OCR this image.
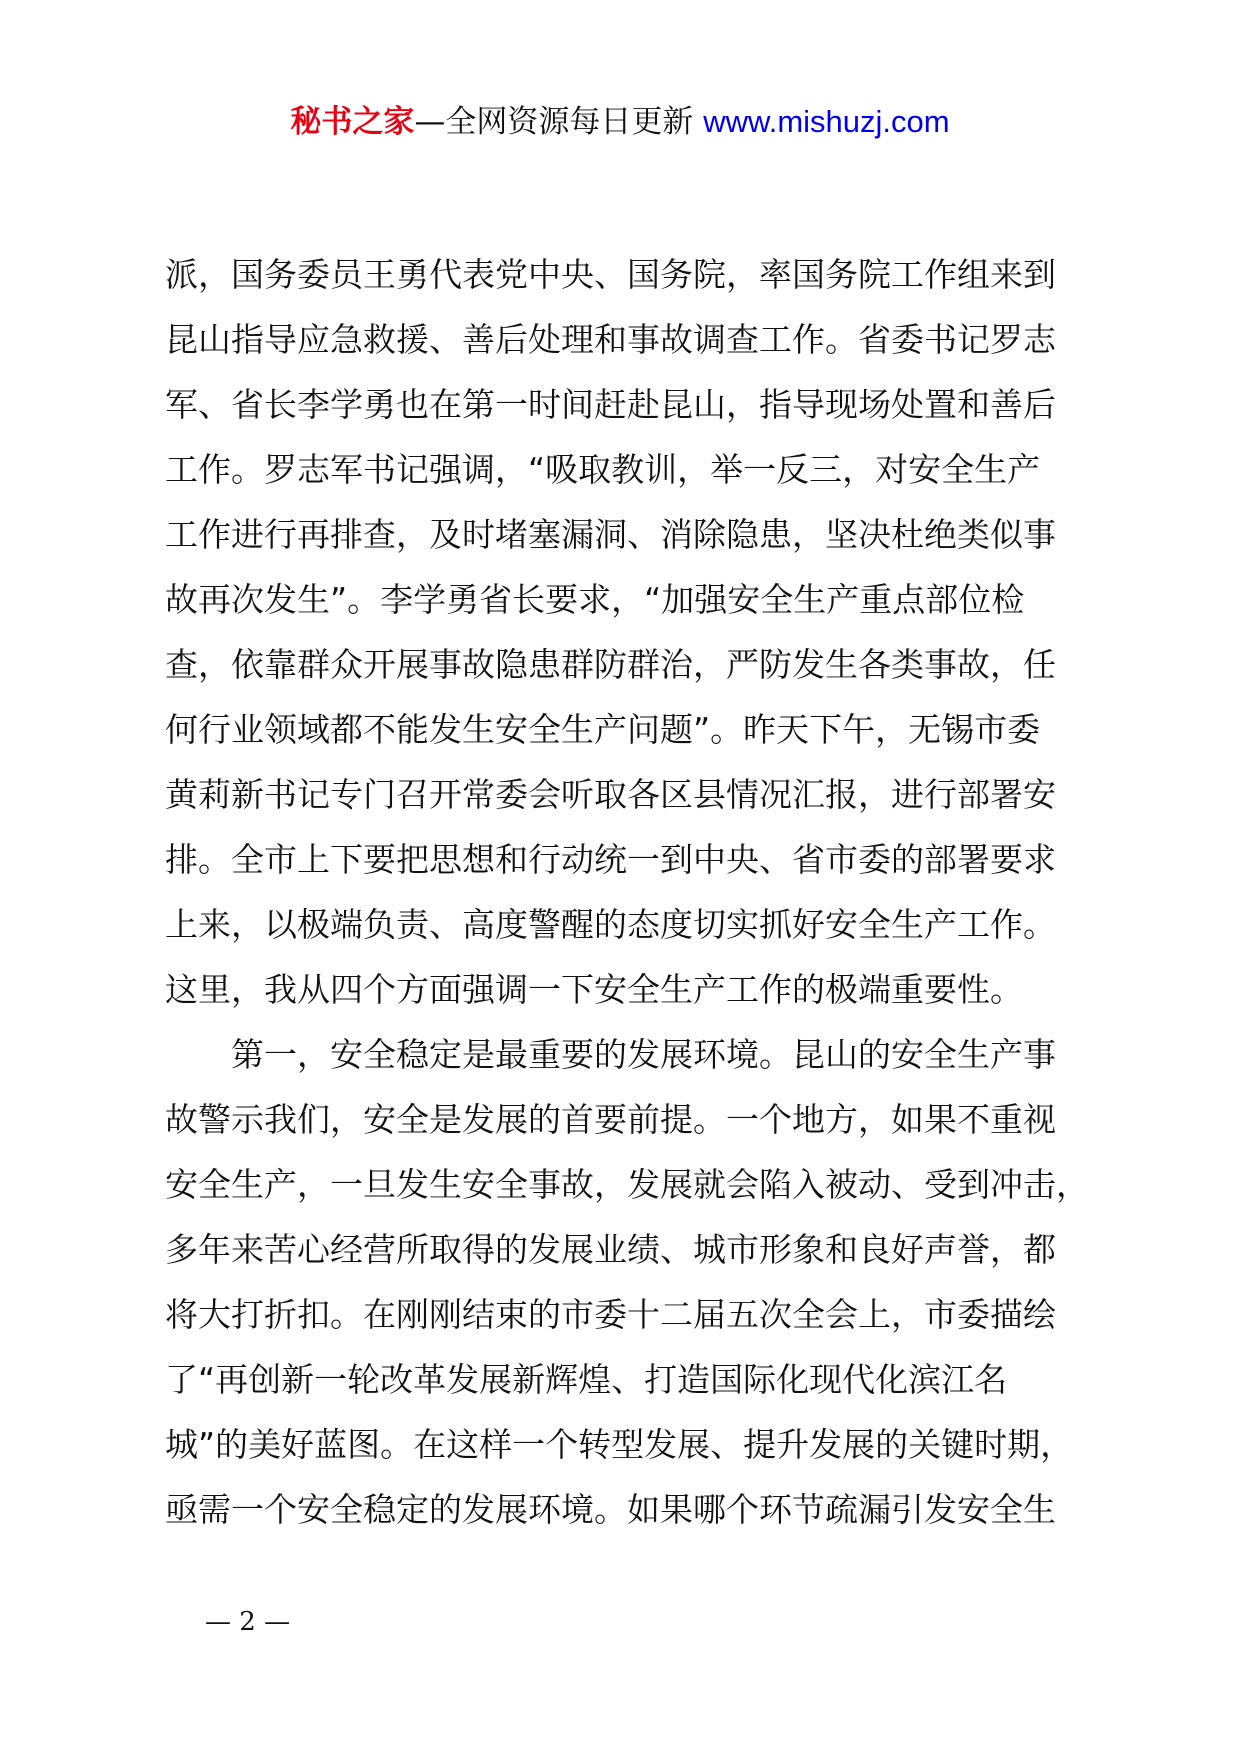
秘书之家—全网资源每日更新 www.mishuzj.com
派，国务委员王勇代表党中央、国务院，率国务院工作组来到
昆山指导应急救援、善后处理和事故调查工作。省委书记罗志
军、省长李学勇也在第一时间赶赴昆山，指导现场处置和善后
工作。罗志军书记强调，“吸取教训，举一反三，对安全生产
工作进行再排查，及时堵塞漏洞、消除隐患，坚决杜绝类似事
故再次发生”。李学勇省长要求，“加强安全生产重点部位检
查，依靠群众开展事故隐患群防群治，严防发生各类事故，任
何行业领域都不能发生安全生产问题”。昨天下午，无锡市委
黄莉新书记专门召开常委会听取各区县情况汇报，进行部署安
排。全市上下要把思想和行动统一到中央、省市委的部署要求
上来，以极端负责、高度警醒的态度切实抓好安全生产工作。
这里，我从四个方面强调一下安全生产工作的极端重要性。
第一，安全稳定是最重要的发展环境。昆山的安全生产事
故警示我们，安全是发展的首要前提。一个地方，如果不重视
安全生产，一旦发生安全事故，发展就会陷入被动、受到冲击，
多年来苦心经营所取得的发展业绩、城市形象和良好声誉，都
将大打折扣。在刚刚结束的市委十二届五次全会上，市委描绘
了“再创新一轮改革发展新辉煌、打造国际化现代化滨江名
城”的美好蓝图。在这样一个转型发展、提升发展的关键时期，
亟需一个安全稳定的发展环境。如果哪个环节疏漏引发安全生
— 2 —
